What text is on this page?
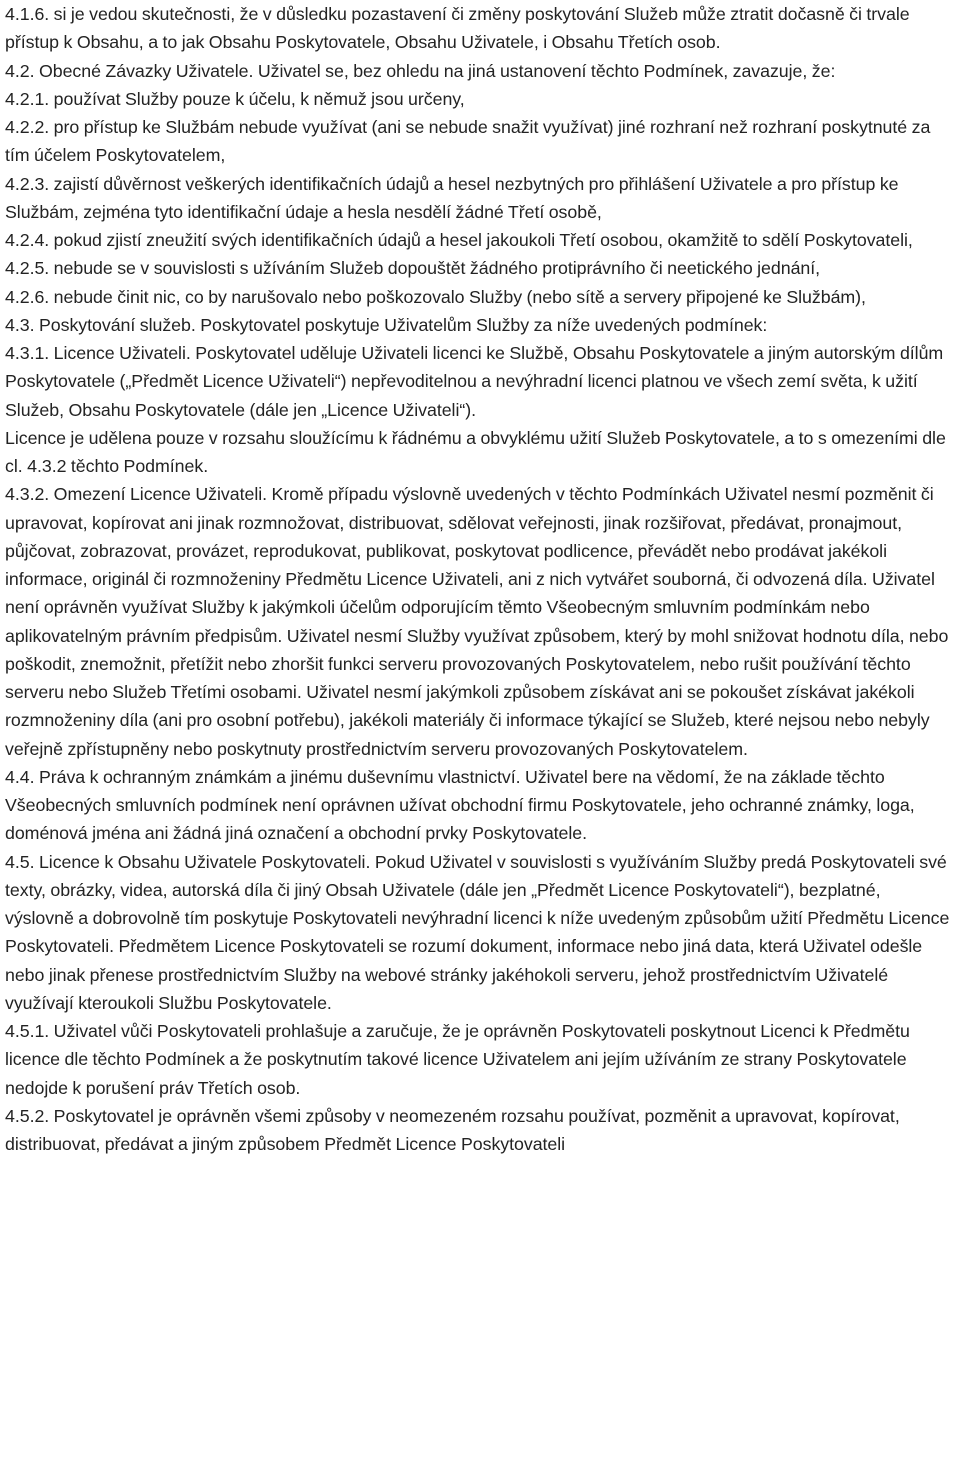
4.1.6. si je vedou skutečnosti, že v důsledku pozastavení či změny poskytování Služeb může ztratit dočasně či trvale přístup k Obsahu, a to jak Obsahu Poskytovatele, Obsahu Uživatele, i Obsahu Třetích osob.

4.2. Obecné Závazky Uživatele. Uživatel se, bez ohledu na jiná ustanovení těchto Podmínek, zavazuje, že:

4.2.1. používat Služby pouze k účelu, k němuž jsou určeny,

4.2.2. pro přístup ke Službám nebude využívat (ani se nebude snažit využívat) jiné rozhraní než rozhraní poskytnuté za tím účelem Poskytovatelem,

4.2.3. zajistí důvěrnost veškerých identifikačních údajů a hesel nezbytných pro přihlášení Uživatele a pro přístup ke Službám, zejména tyto identifikační údaje a hesla nesdělí žádné Třetí osobě,

4.2.4. pokud zjistí zneužití svých identifikačních údajů a hesel jakoukoli Třetí osobou, okamžitě to sdělí Poskytovateli,

4.2.5. nebude se v souvislosti s užíváním Služeb dopouštět žádného protiprávního či neetického jednání,

4.2.6. nebude činit nic, co by narušovalo nebo poškozovalo Služby (nebo sítě a servery připojené ke Službám),

4.3. Poskytování služeb. Poskytovatel poskytuje Uživatelům Služby za níže uvedených podmínek:

4.3.1. Licence Uživateli. Poskytovatel uděluje Uživateli licenci ke Službě, Obsahu Poskytovatele a jiným autorským dílům Poskytovatele („Předmět Licence Uživateli“) nepřevoditelnou a nevýhradní licenci platnou ve všech zemí světa, k užití Služeb, Obsahu Poskytovatele (dále jen „Licence Uživateli“).

Licence je udělena pouze v rozsahu sloužícímu k řádnému a obvyklému užití Služeb Poskytovatele, a to s omezeními dle cl. 4.3.2 těchto Podmínek.

4.3.2. Omezení Licence Uživateli. Kromě případu výslovně uvedených v těchto Podmínkách Uživatel nesmí pozměnit či upravovat, kopírovat ani jinak rozmnožovat, distribuovat, sdělovat veřejnosti, jinak rozšiřovat, předávat, pronajmout, půjčovat, zobrazovat, provázet, reprodukovat, publikovat, poskytovat podlicence, převádět nebo prodávat jakékoli informace, originál či rozmnoženiny Předmětu Licence Uživateli, ani z nich vytvářet souborná, či odvozená díla. Uživatel není oprávněn využívat Služby k jakýmkoli účelům odporujícím těmto Všeobecným smluvním podmínkám nebo aplikovatelným právním předpisům. Uživatel nesmí Služby využívat způsobem, který by mohl snižovat hodnotu díla, nebo poškodit, znemožnit, přetížit nebo zhoršit funkci serveru provozovaných Poskytovatelem, nebo rušit používání těchto serveru nebo Služeb Třetími osobami. Uživatel nesmí jakýmkoli způsobem získávat ani se pokoušet získávat jakékoli rozmnoženiny díla (ani pro osobní potřebu), jakékoli materiály či informace týkající se Služeb, které nejsou nebo nebyly veřejně zpřístupněny nebo poskytnuty prostřednictvím serveru provozovaných Poskytovatelem.

4.4. Práva k ochranným známkám a jinému duševnímu vlastnictví. Uživatel bere na vědomí, že na základe těchto Všeobecných smluvních podmínek není oprávnen užívat obchodní firmu Poskytovatele, jeho ochranné známky, loga, doménová jména ani žádná jiná označení a obchodní prvky Poskytovatele.

4.5. Licence k Obsahu Uživatele Poskytovateli. Pokud Uživatel v souvislosti s využíváním Služby predá Poskytovateli své texty, obrázky, videa, autorská díla či jiný Obsah Uživatele (dále jen „Předmět Licence Poskytovateli“), bezplatné,

výslovně a dobrovolně tím poskytuje Poskytovateli nevýhradní licenci k níže uvedeným způsobům užití Předmětu Licence Poskytovateli. Předmětem Licence Poskytovateli se rozumí dokument, informace nebo jiná data, která Uživatel odešle nebo jinak přenese prostřednictvím Služby na webové stránky jakéhokoli serveru, jehož prostřednictvím Uživatelé využívají kteroukoli Službu Poskytovatele.

4.5.1. Uživatel vůči Poskytovateli prohlašuje a zaručuje, že je oprávněn Poskytovateli poskytnout Licenci k Předmětu licence dle těchto Podmínek a že poskytnutím takové licence Uživatelem ani jejím užíváním ze strany Poskytovatele nedojde k porušení práv Třetích osob.

4.5.2. Poskytovatel je oprávněn všemi způsoby v neomezeném rozsahu používat, pozměnit a upravovat, kopírovat, distribuovat, předávat a jiným způsobem Předmět Licence Poskytovateli
